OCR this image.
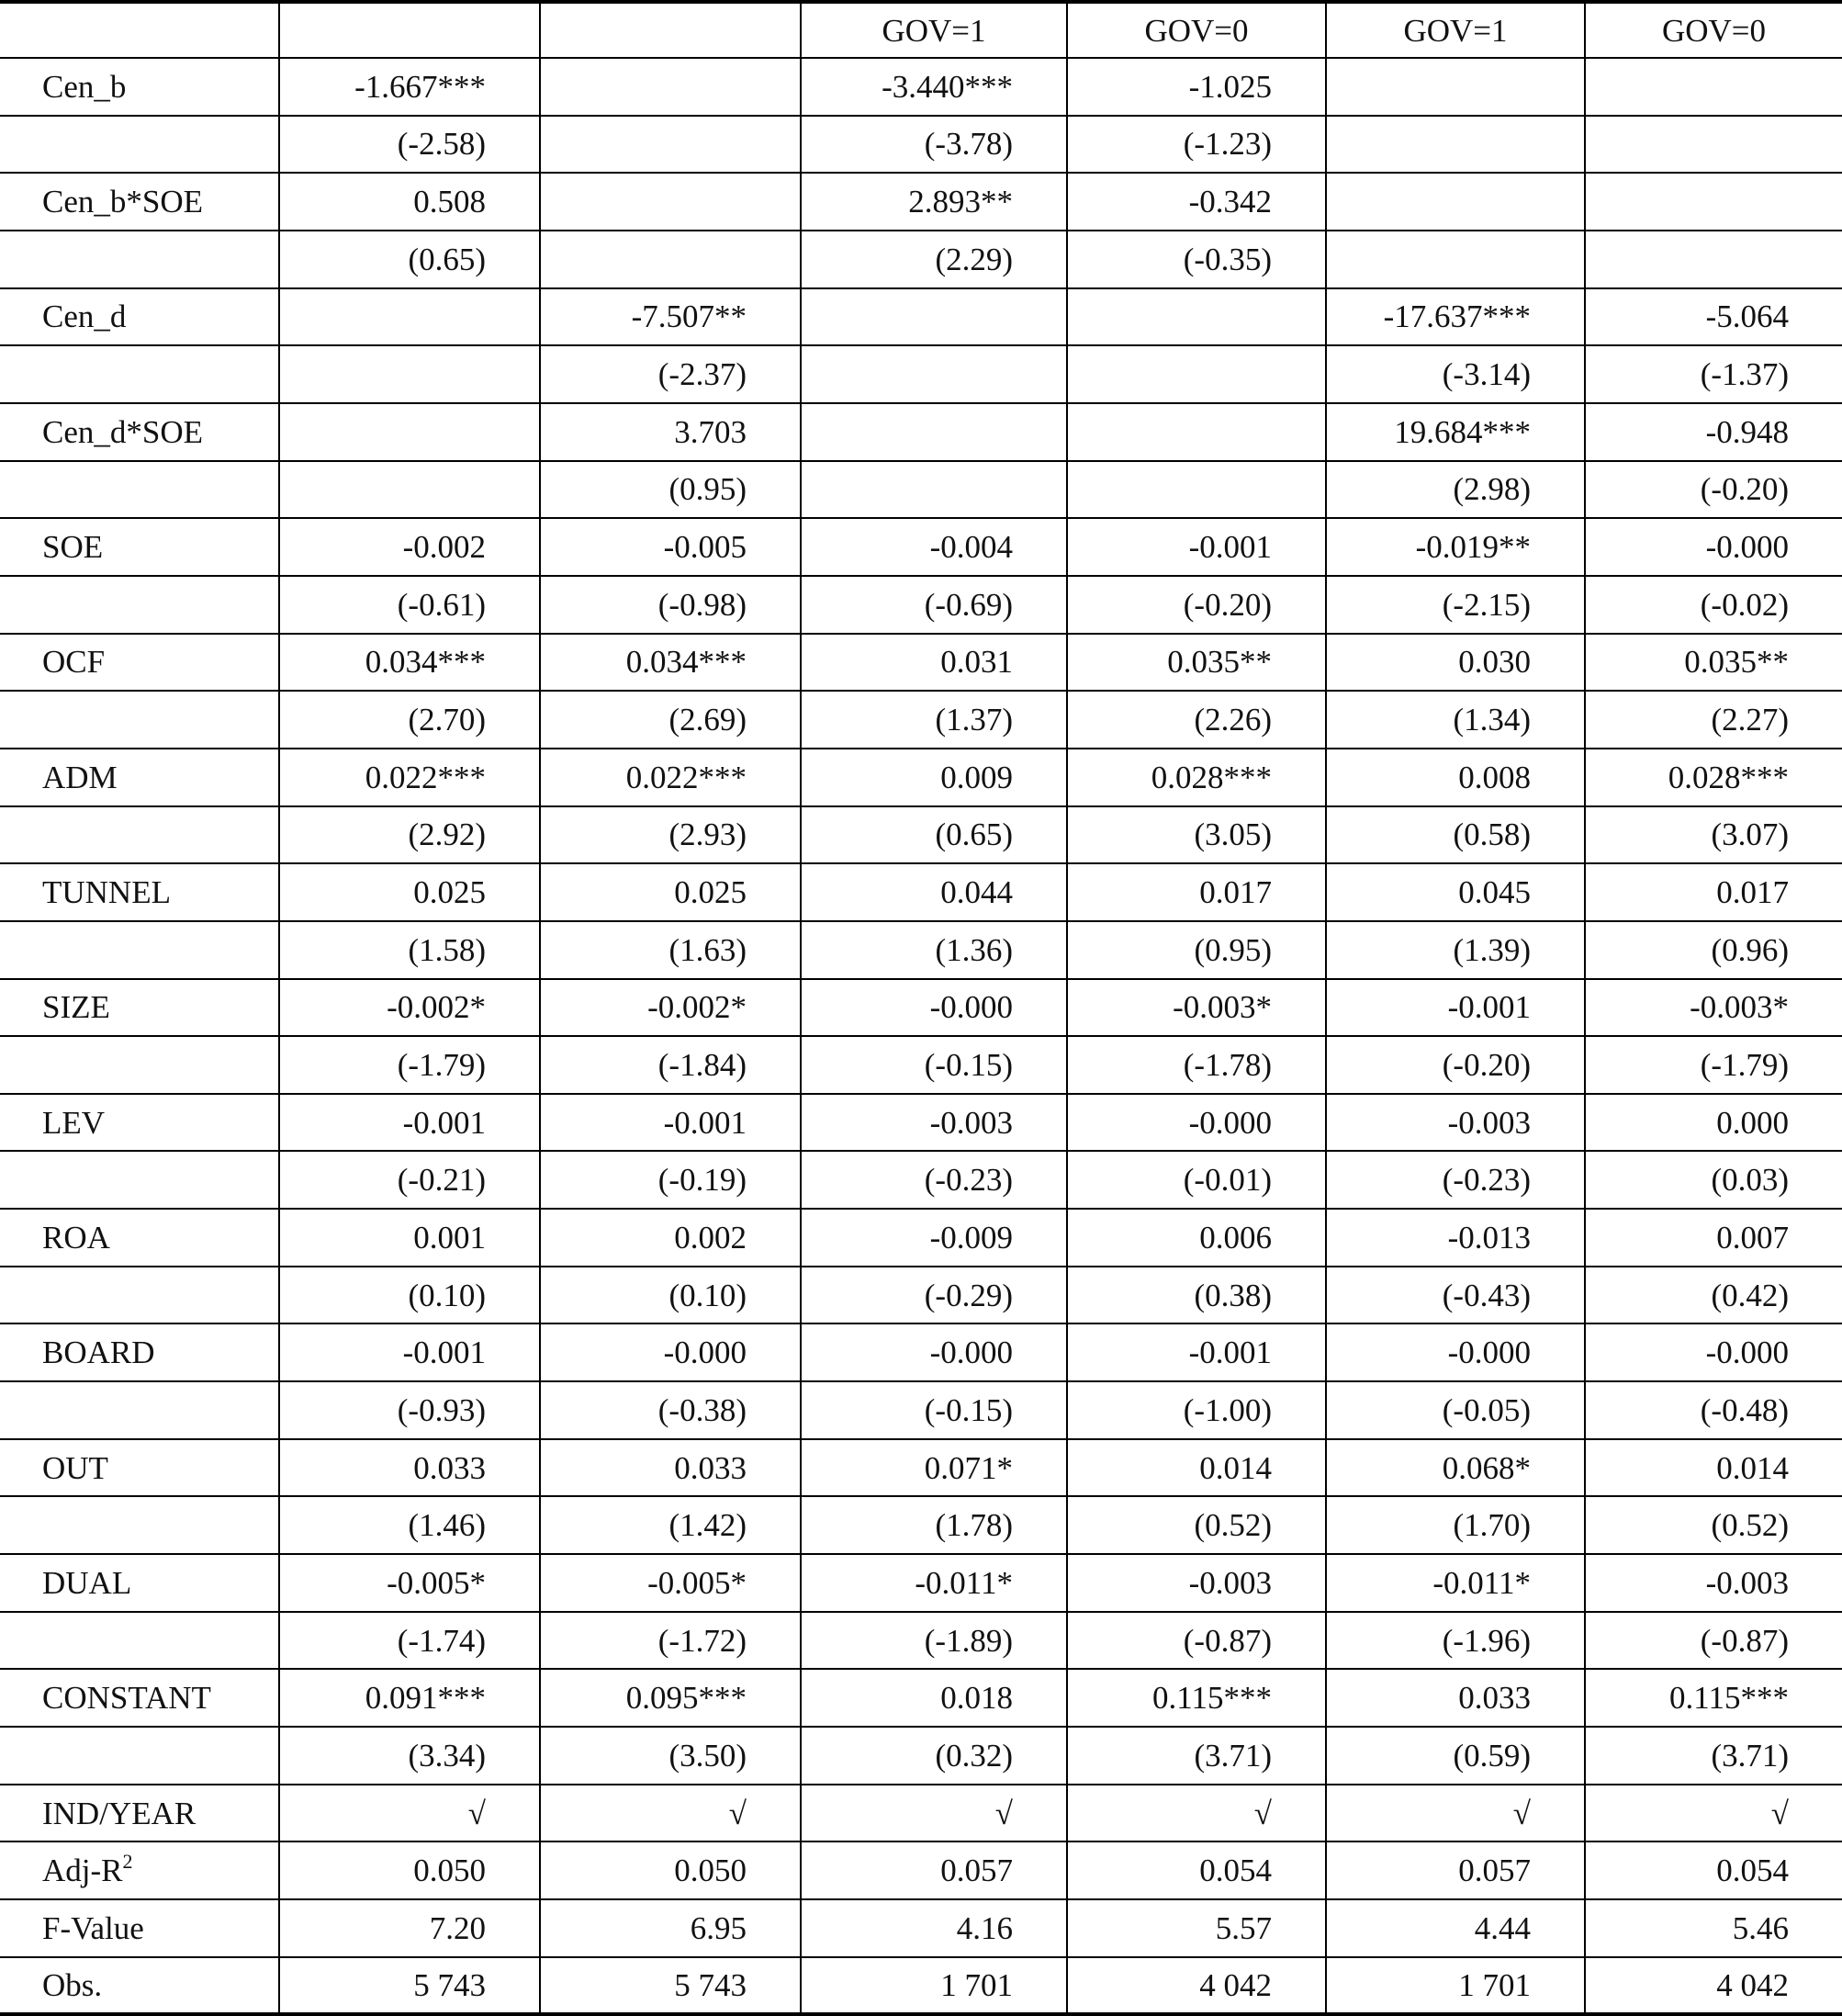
			GOV=1	GOV=0	GOV=1	GOV=0
Cen_b	-1.667***		-3.440***	-1.025		
	(-2.58)		(-3.78)	(-1.23)		
Cen_b*SOE	0.508		2.893**	-0.342		
	(0.65)		(2.29)	(-0.35)		
Cen_d		-7.507**			-17.637***	-5.064
		(-2.37)			(-3.14)	(-1.37)
Cen_d*SOE		3.703			19.684***	-0.948
		(0.95)			(2.98)	(-0.20)
SOE	-0.002	-0.005	-0.004	-0.001	-0.019**	-0.000
	(-0.61)	(-0.98)	(-0.69)	(-0.20)	(-2.15)	(-0.02)
OCF	0.034***	0.034***	0.031	0.035**	0.030	0.035**
	(2.70)	(2.69)	(1.37)	(2.26)	(1.34)	(2.27)
ADM	0.022***	0.022***	0.009	0.028***	0.008	0.028***
	(2.92)	(2.93)	(0.65)	(3.05)	(0.58)	(3.07)
TUNNEL	0.025	0.025	0.044	0.017	0.045	0.017
	(1.58)	(1.63)	(1.36)	(0.95)	(1.39)	(0.96)
SIZE	-0.002*	-0.002*	-0.000	-0.003*	-0.001	-0.003*
	(-1.79)	(-1.84)	(-0.15)	(-1.78)	(-0.20)	(-1.79)
LEV	-0.001	-0.001	-0.003	-0.000	-0.003	0.000
	(-0.21)	(-0.19)	(-0.23)	(-0.01)	(-0.23)	(0.03)
ROA	0.001	0.002	-0.009	0.006	-0.013	0.007
	(0.10)	(0.10)	(-0.29)	(0.38)	(-0.43)	(0.42)
BOARD	-0.001	-0.000	-0.000	-0.001	-0.000	-0.000
	(-0.93)	(-0.38)	(-0.15)	(-1.00)	(-0.05)	(-0.48)
OUT	0.033	0.033	0.071*	0.014	0.068*	0.014
	(1.46)	(1.42)	(1.78)	(0.52)	(1.70)	(0.52)
DUAL	-0.005*	-0.005*	-0.011*	-0.003	-0.011*	-0.003
	(-1.74)	(-1.72)	(-1.89)	(-0.87)	(-1.96)	(-0.87)
CONSTANT	0.091***	0.095***	0.018	0.115***	0.033	0.115***
	(3.34)	(3.50)	(0.32)	(3.71)	(0.59)	(3.71)
IND/YEAR	√	√	√	√	√	√
Adj-$R^2$	0.050	0.050	0.057	0.054	0.057	0.054
F-Value	7.20	6.95	4.16	5.57	4.44	5.46
Obs.	5 743	5 743	1 701	4 042	1 701	4 042
